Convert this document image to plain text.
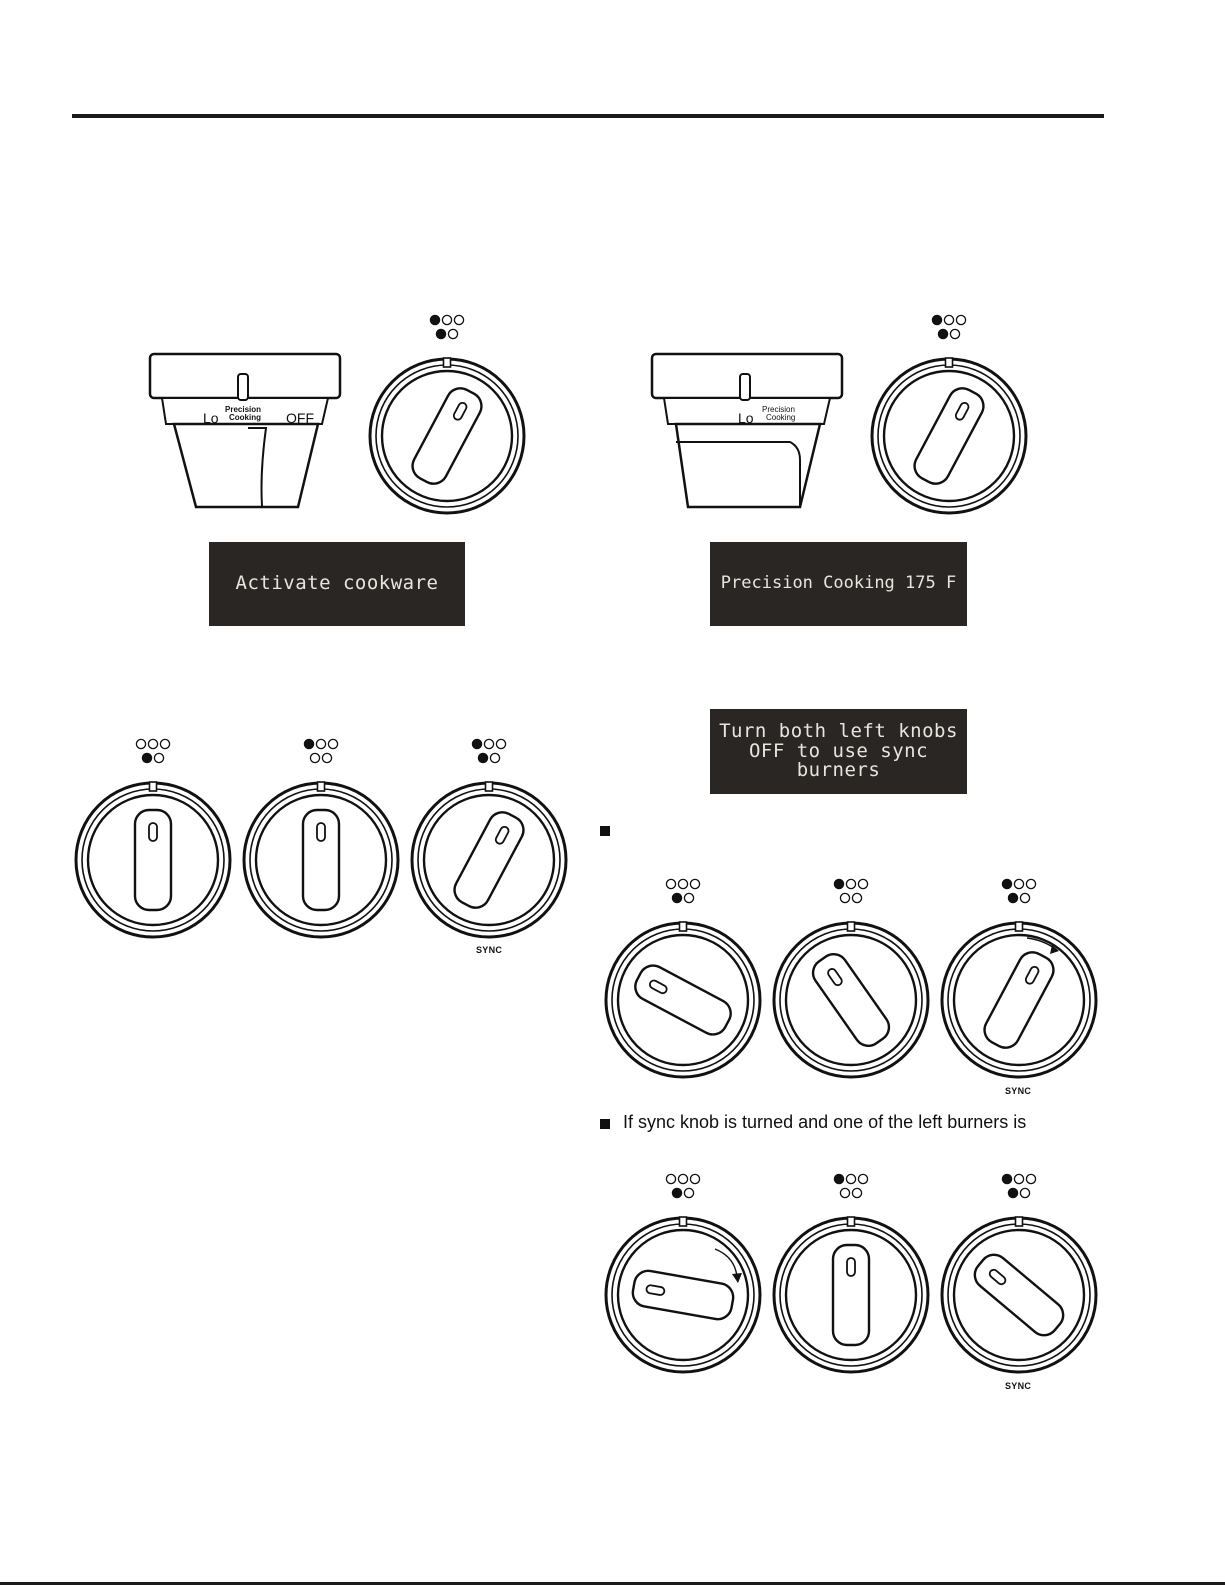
Lo
Precision
Cooking OFF	Lo
Precision
Cooking
Activate cookware	Precision Cooking 175 F
Turn both left knobs
OFF to use sync
burners
SYNC
SYNC
SYNC
If sync knob is turned and one of the left burners is
